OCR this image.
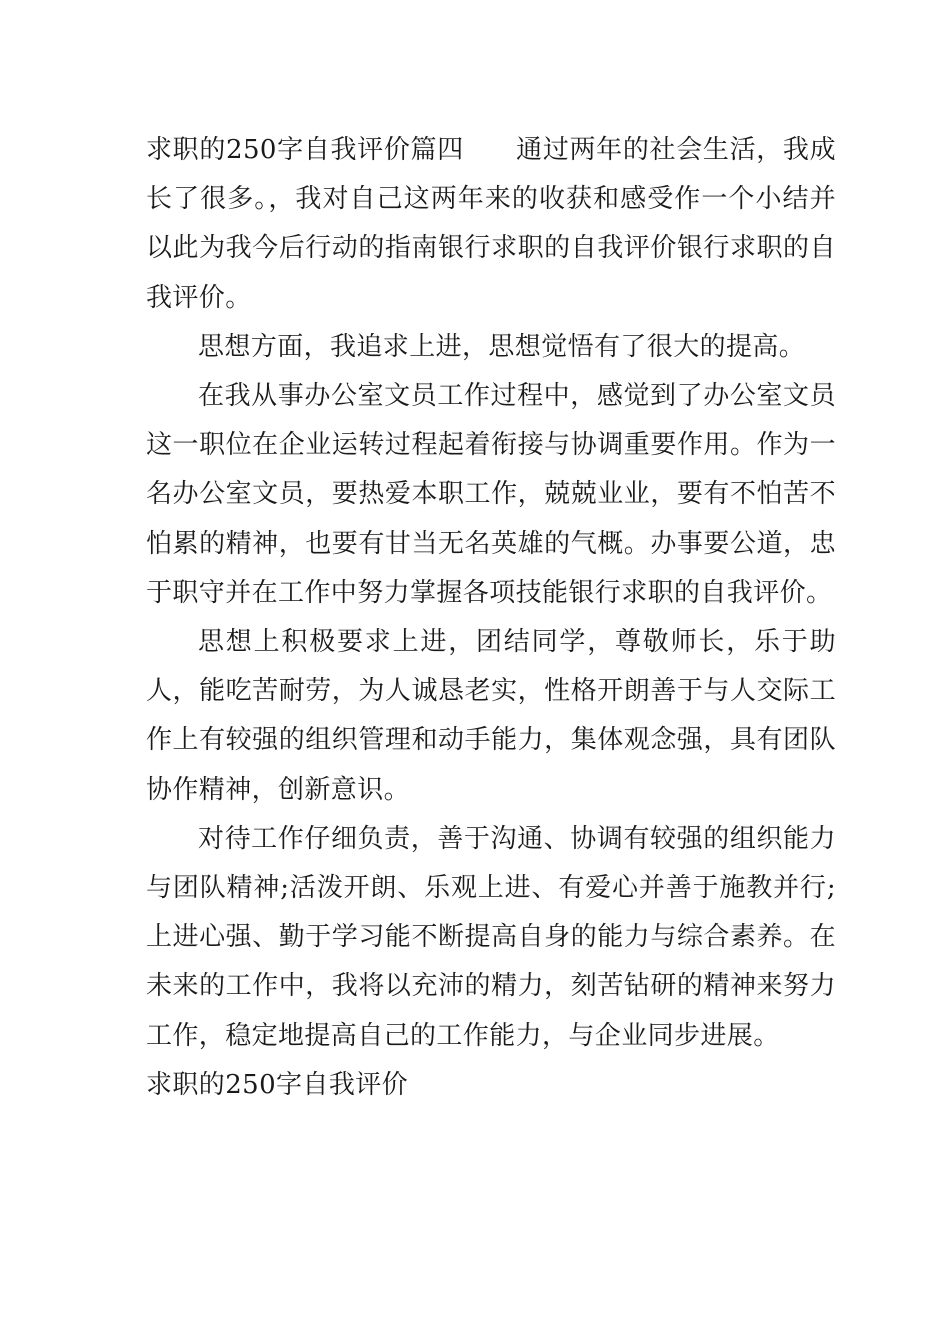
求职的250字自我评价篇四 通过两年的社会生活，我成长了很多。，我对自己这两年来的收获和感受作一个小结并以此为我今后行动的指南银行求职的自我评价银行求职的自我评价。

思想方面，我追求上进，思想觉悟有了很大的提高。

在我从事办公室文员工作过程中，感觉到了办公室文员这一职位在企业运转过程起着衔接与协调重要作用。作为一名办公室文员，要热爱本职工作，兢兢业业，要有不怕苦不怕累的精神，也要有甘当无名英雄的气概。办事要公道，忠于职守并在工作中努力掌握各项技能银行求职的自我评价。

思想上积极要求上进，团结同学，尊敬师长，乐于助人，能吃苦耐劳，为人诚恳老实，性格开朗善于与人交际工作上有较强的组织管理和动手能力，集体观念强，具有团队协作精神，创新意识。

对待工作仔细负责，善于沟通、协调有较强的组织能力与团队精神;活泼开朗、乐观上进、有爱心并善于施教并行;上进心强、勤于学习能不断提高自身的能力与综合素养。在未来的工作中，我将以充沛的精力，刻苦钻研的精神来努力工作，稳定地提高自己的工作能力，与企业同步进展。

求职的250字自我评价
